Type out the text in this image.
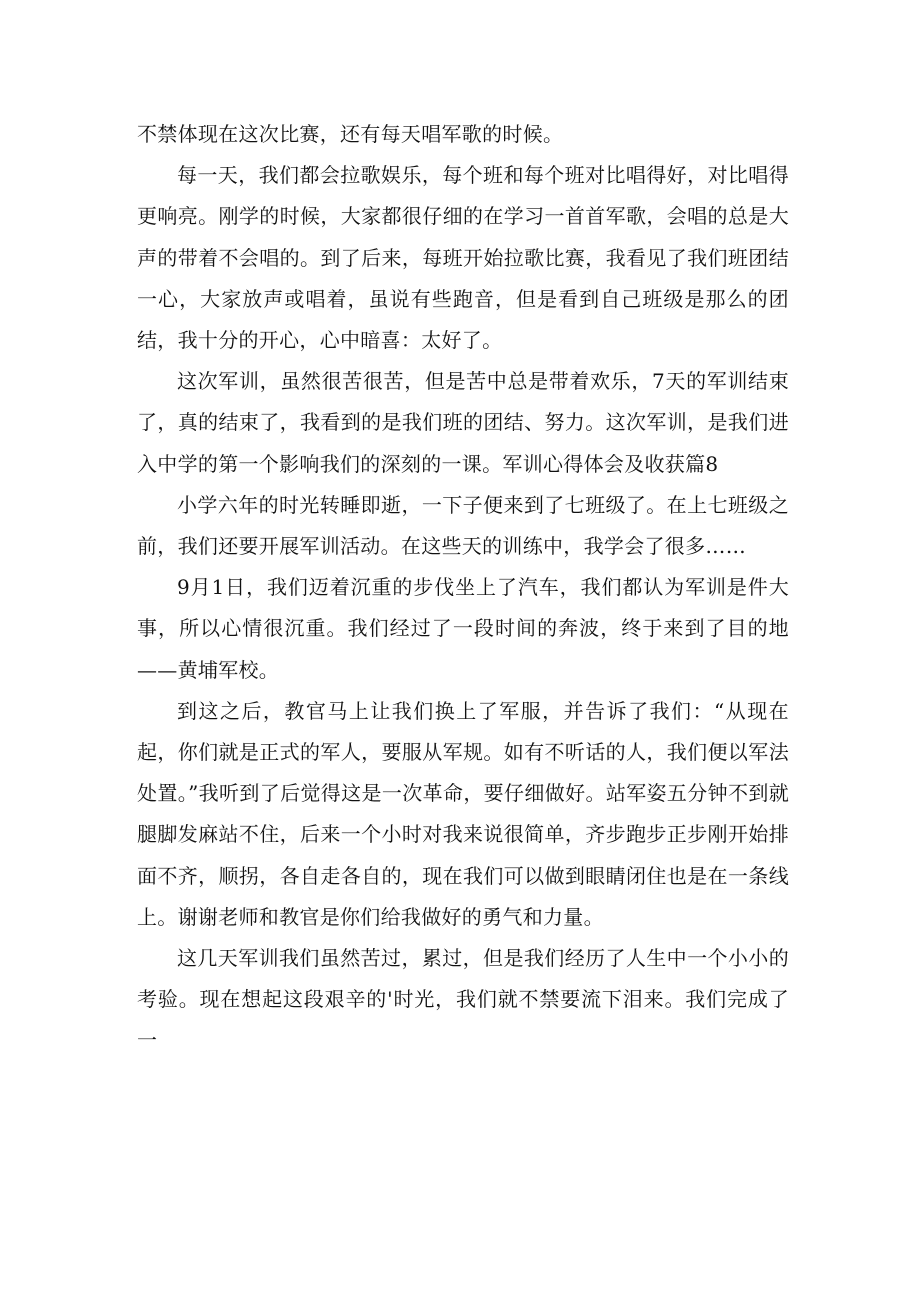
不禁体现在这次比赛，还有每天唱军歌的时候。

每一天，我们都会拉歌娱乐，每个班和每个班对比唱得好，对比唱得更响亮。刚学的时候，大家都很仔细的在学习一首首军歌，会唱的总是大声的带着不会唱的。到了后来，每班开始拉歌比赛，我看见了我们班团结一心，大家放声或唱着，虽说有些跑音，但是看到自己班级是那么的团结，我十分的开心，心中暗喜：太好了。

这次军训，虽然很苦很苦，但是苦中总是带着欢乐，7天的军训结束了，真的结束了，我看到的是我们班的团结、努力。这次军训，是我们进入中学的第一个影响我们的深刻的一课。军训心得体会及收获篇8

小学六年的时光转睡即逝，一下子便来到了七班级了。在上七班级之前，我们还要开展军训活动。在这些天的训练中，我学会了很多……

9月1日，我们迈着沉重的步伐坐上了汽车，我们都认为军训是件大事，所以心情很沉重。我们经过了一段时间的奔波，终于来到了目的地——黄埔军校。

到这之后，教官马上让我们换上了军服，并告诉了我们：“从现在起，你们就是正式的军人，要服从军规。如有不听话的人，我们便以军法处置。”我听到了后觉得这是一次革命，要仔细做好。站军姿五分钟不到就腿脚发麻站不住，后来一个小时对我来说很简单，齐步跑步正步刚开始排面不齐，顺拐，各自走各自的，现在我们可以做到眼睛闭住也是在一条线上。谢谢老师和教官是你们给我做好的勇气和力量。

这几天军训我们虽然苦过，累过，但是我们经历了人生中一个小小的考验。现在想起这段艰辛的'时光，我们就不禁要流下泪来。我们完成了一
